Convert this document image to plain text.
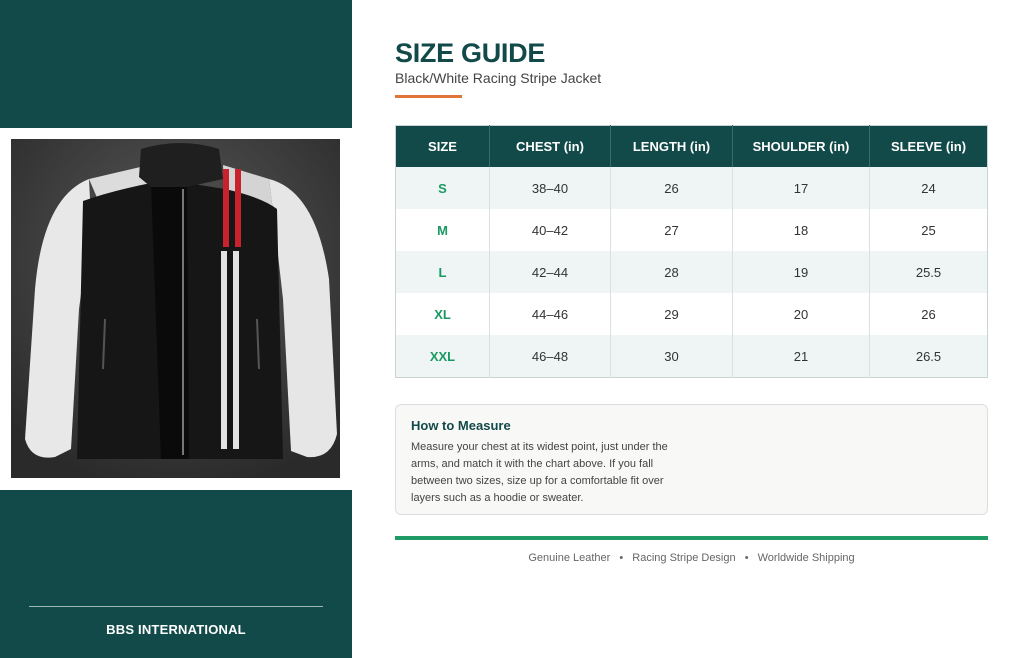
BBS INTERNATIONAL
SIZE GUIDE
Black/White Racing Stripe Jacket
SIZE	CHEST (in)	LENGTH (in)	SHOULDER (in)	SLEEVE (in)
S	38–40	26	17	24
M	40–42	27	18	25
L	42–44	28	19	25.5
XL	44–46	29	20	26
XXL	46–48	30	21	26.5
How to Measure

Measure your chest at its widest point, just under the arms, and match it with the chart above. If you fall between two sizes, size up for a comfortable fit over layers such as a hoodie or sweater.

Genuine Leather • Racing Stripe Design • Worldwide Shipping
